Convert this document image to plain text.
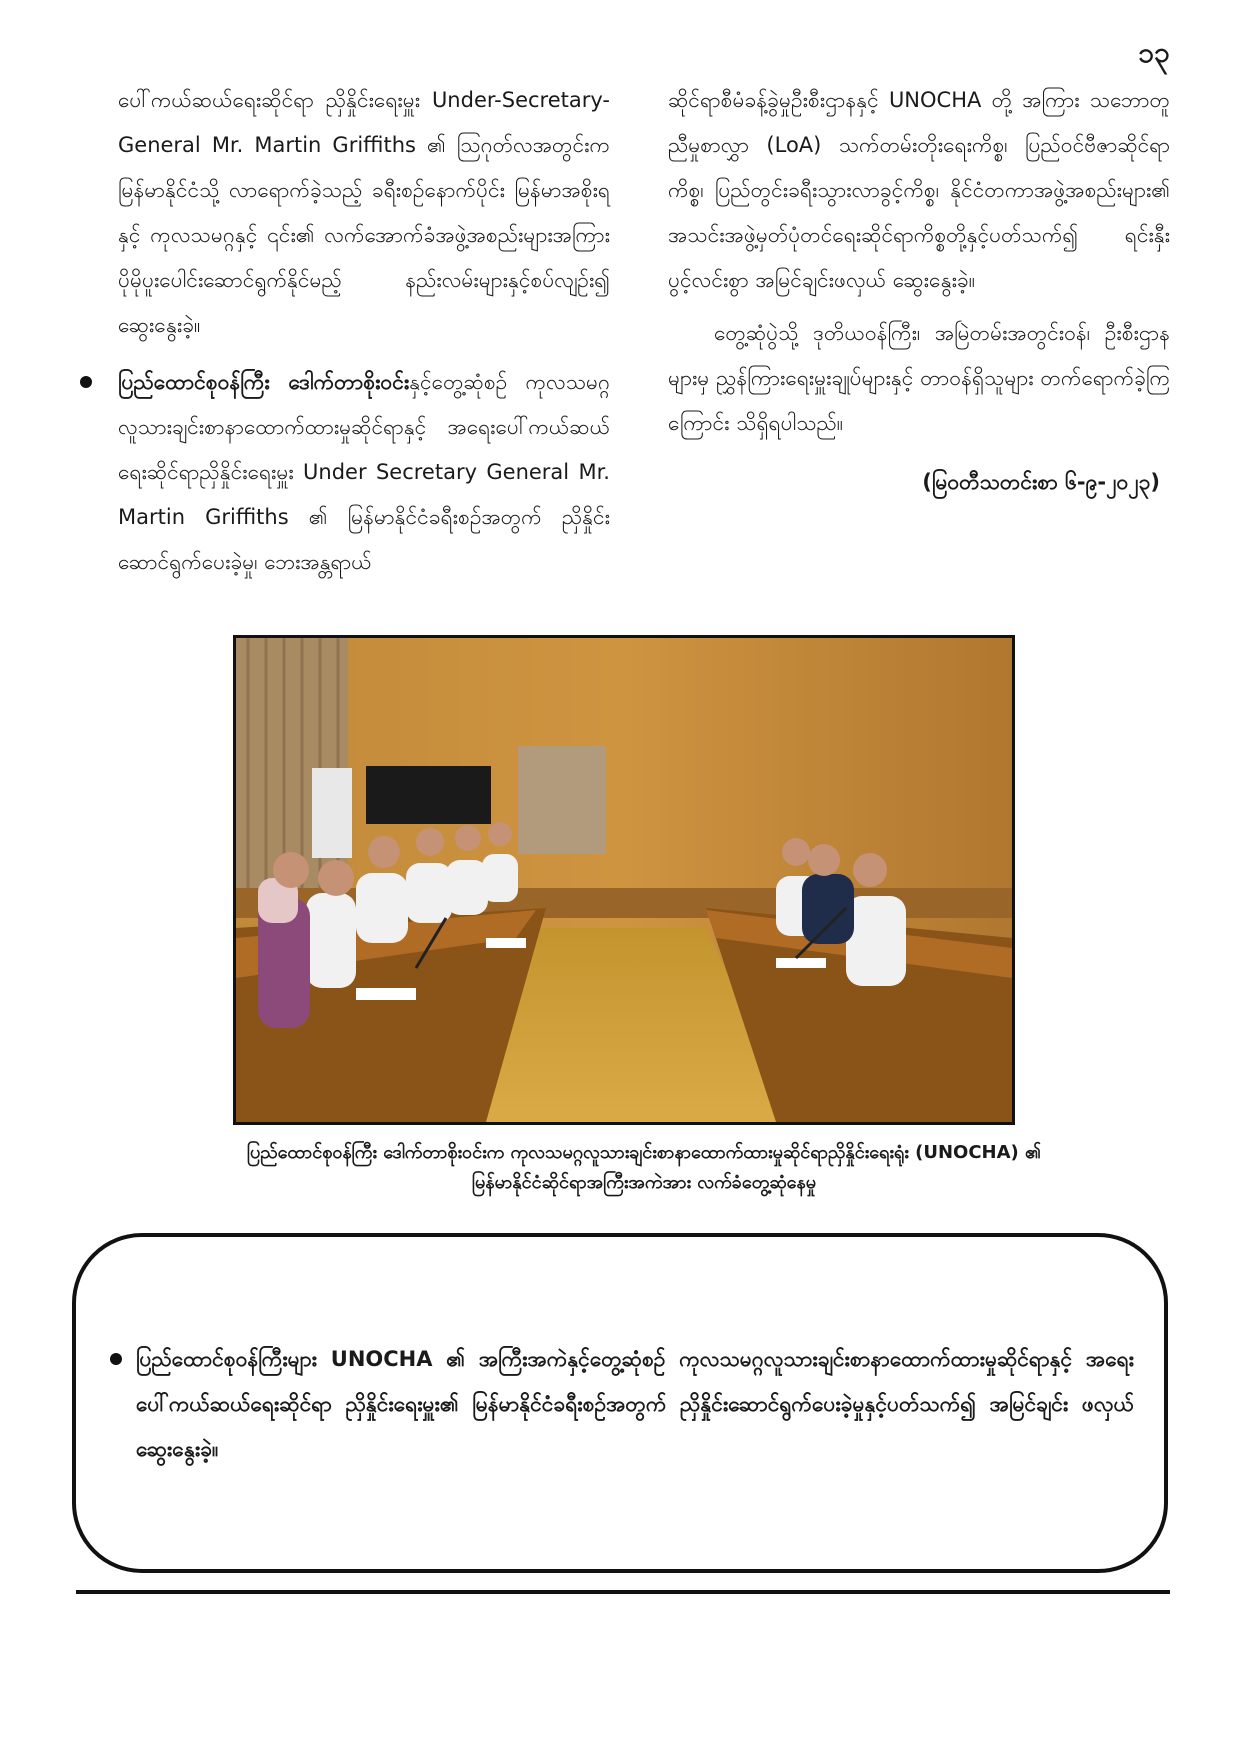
၁၃

ပေါ်ကယ်ဆယ်ရေးဆိုင်ရာ ညှိနှိုင်းရေးမှူး Under-Secretary-General Mr. Martin Griffiths ၏ ဩဂုတ်လအတွင်းက မြန်မာနိုင်ငံသို့ လာရောက်ခဲ့သည့် ခရီးစဉ်နောက်ပိုင်း မြန်မာအစိုးရနှင့် ကုလသမဂ္ဂနှင့် ၎င်း၏ လက်အောက်ခံအဖွဲ့အစည်းများအကြား ပိုမိုပူးပေါင်းဆောင်ရွက်နိုင်မည့် နည်းလမ်းများနှင့်စပ်လျဉ်း၍ ဆွေးနွေးခဲ့။

ပြည်ထောင်စုဝန်ကြီး ဒေါက်တာစိုးဝင်းနှင့်တွေ့ဆုံစဉ် ကုလသမဂ္ဂလူသားချင်းစာနာထောက်ထားမှုဆိုင်ရာနှင့် အရေးပေါ်ကယ်ဆယ်ရေးဆိုင်ရာညှိနှိုင်းရေးမှူး Under Secretary General Mr. Martin Griffiths ၏ မြန်မာနိုင်ငံခရီးစဉ်အတွက် ညှိနှိုင်းဆောင်ရွက်ပေးခဲ့မှု၊ ဘေးအန္တရာယ်

ဆိုင်ရာစီမံခန့်ခွဲမှုဦးစီးဌာနနှင့် UNOCHA တို့ အကြား သဘောတူညီမှုစာလွှာ (LoA) သက်တမ်းတိုးရေးကိစ္စ၊ ပြည်ဝင်ဗီဇာဆိုင်ရာကိစ္စ၊ ပြည်တွင်းခရီးသွားလာခွင့်ကိစ္စ၊ နိုင်ငံတကာအဖွဲ့အစည်းများ၏ အသင်းအဖွဲ့မှတ်ပုံတင်ရေးဆိုင်ရာကိစ္စတို့နှင့်ပတ်သက်၍ ရင်းနှီးပွင့်လင်းစွာ အမြင်ချင်းဖလှယ် ဆွေးနွေးခဲ့။

တွေ့ဆုံပွဲသို့ ဒုတိယဝန်ကြီး၊ အမြဲတမ်းအတွင်းဝန်၊ ဦးစီးဌာနများမှ ညွှန်ကြားရေးမှူးချုပ်များနှင့် တာဝန်ရှိသူများ တက်ရောက်ခဲ့ကြကြောင်း သိရှိရပါသည်။

(မြဝတီသတင်းစာ ၆-၉-၂၀၂၃)
ပြည်ထောင်စုဝန်ကြီး ဒေါက်တာစိုးဝင်းက ကုလသမဂ္ဂလူသားချင်းစာနာထောက်ထားမှုဆိုင်ရာညှိနှိုင်းရေးရုံး (UNOCHA) ၏
မြန်မာနိုင်ငံဆိုင်ရာအကြီးအကဲအား လက်ခံတွေ့ဆုံနေမှု
ပြည်ထောင်စုဝန်ကြီးများ UNOCHA ၏ အကြီးအကဲနှင့်တွေ့ဆုံစဉ် ကုလသမဂ္ဂလူသားချင်းစာနာထောက်ထားမှုဆိုင်ရာနှင့် အရေးပေါ်ကယ်ဆယ်ရေးဆိုင်ရာ ညှိနှိုင်းရေးမှူး၏ မြန်မာနိုင်ငံခရီးစဉ်အတွက် ညှိနှိုင်းဆောင်ရွက်ပေးခဲ့မှုနှင့်ပတ်သက်၍ အမြင်ချင်း ဖလှယ်ဆွေးနွေးခဲ့။
